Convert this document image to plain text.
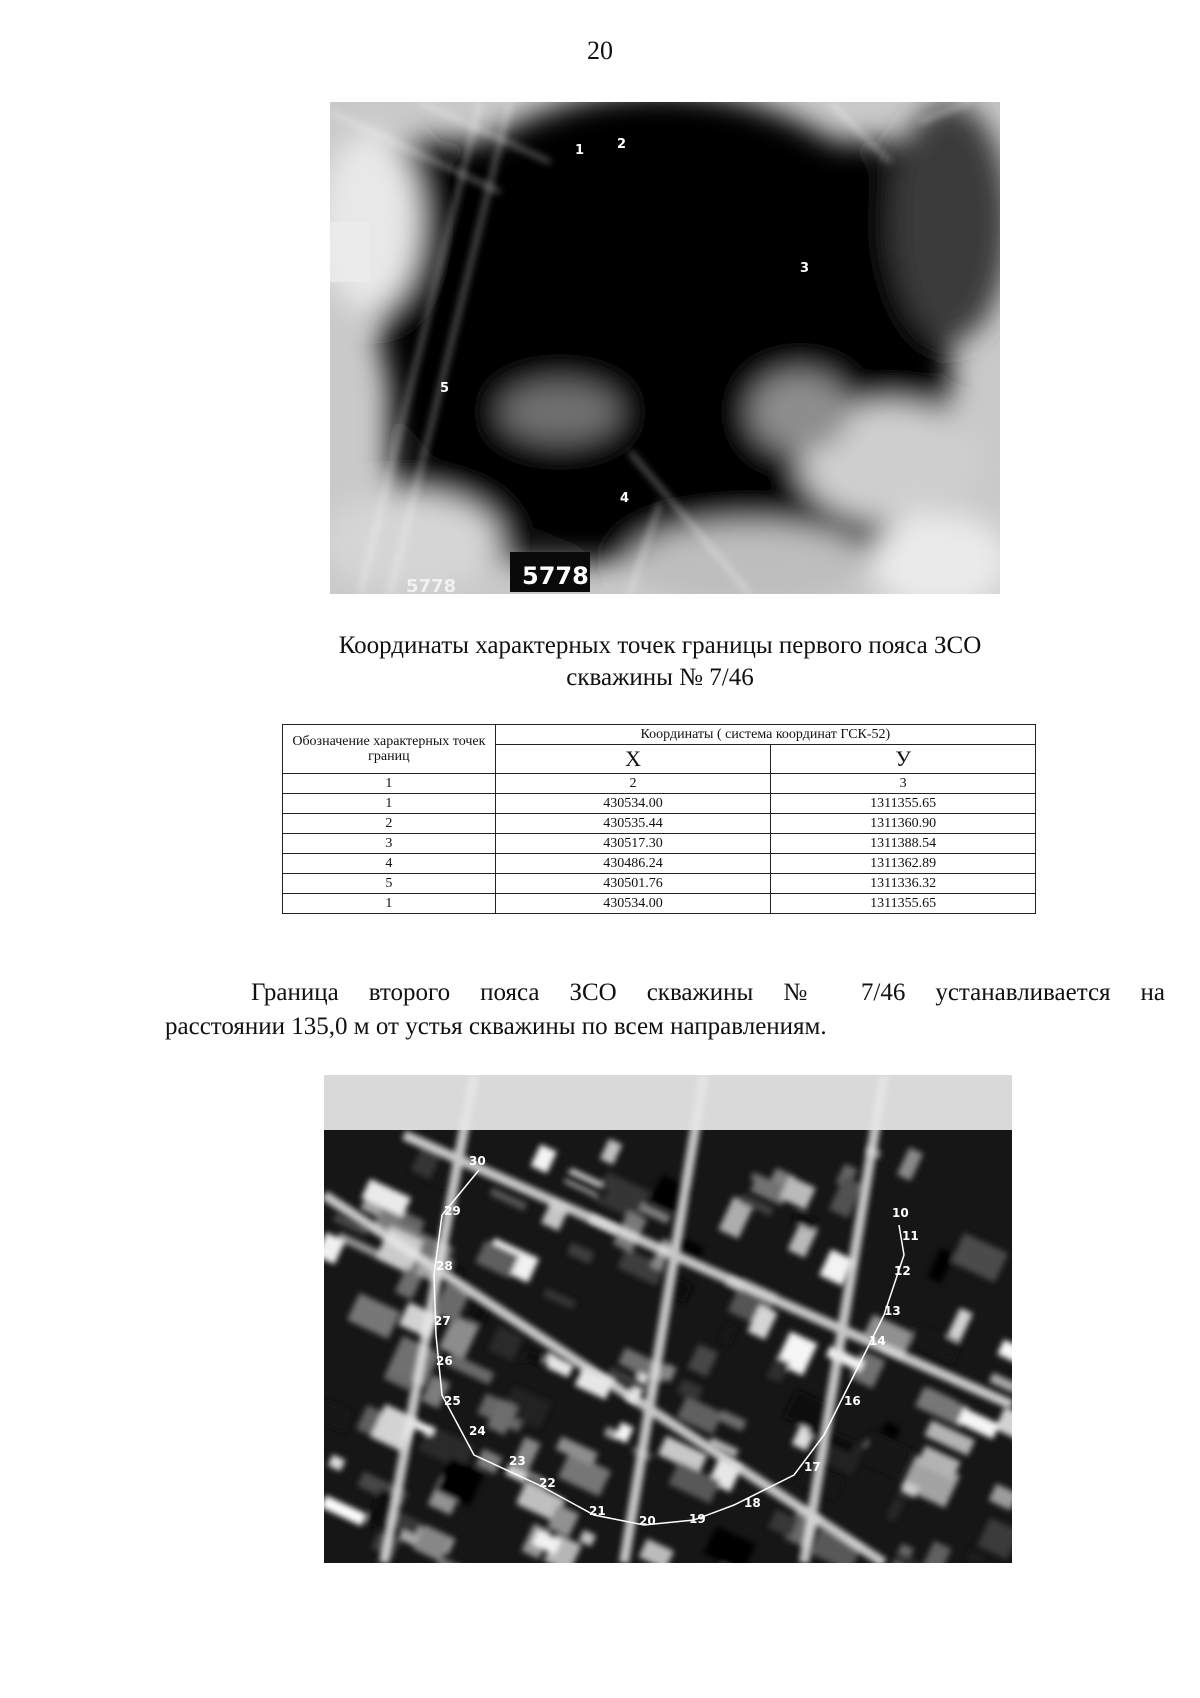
20
5778
5778
1	2
3
4
5
Координаты характерных точек границы первого пояса ЗСО
скважины № 7/46
Обозначение характерных точек границ	Координаты ( система координат ГСК-52)	
	X	У
1	2	3
1	430534.00	1311355.65
2	430535.44	1311360.90
3	430517.30	1311388.54
4	430486.24	1311362.89
5	430501.76	1311336.32
1	430534.00	1311355.65
Граница второго пояса ЗСО скважины № 7/46 устанавливается на
расстоянии 135,0 м от устья скважины по всем направлениям.
30
29
28
27
26
25
24
23
22
21
20	19
18
17
16
14
13
12
11
10
